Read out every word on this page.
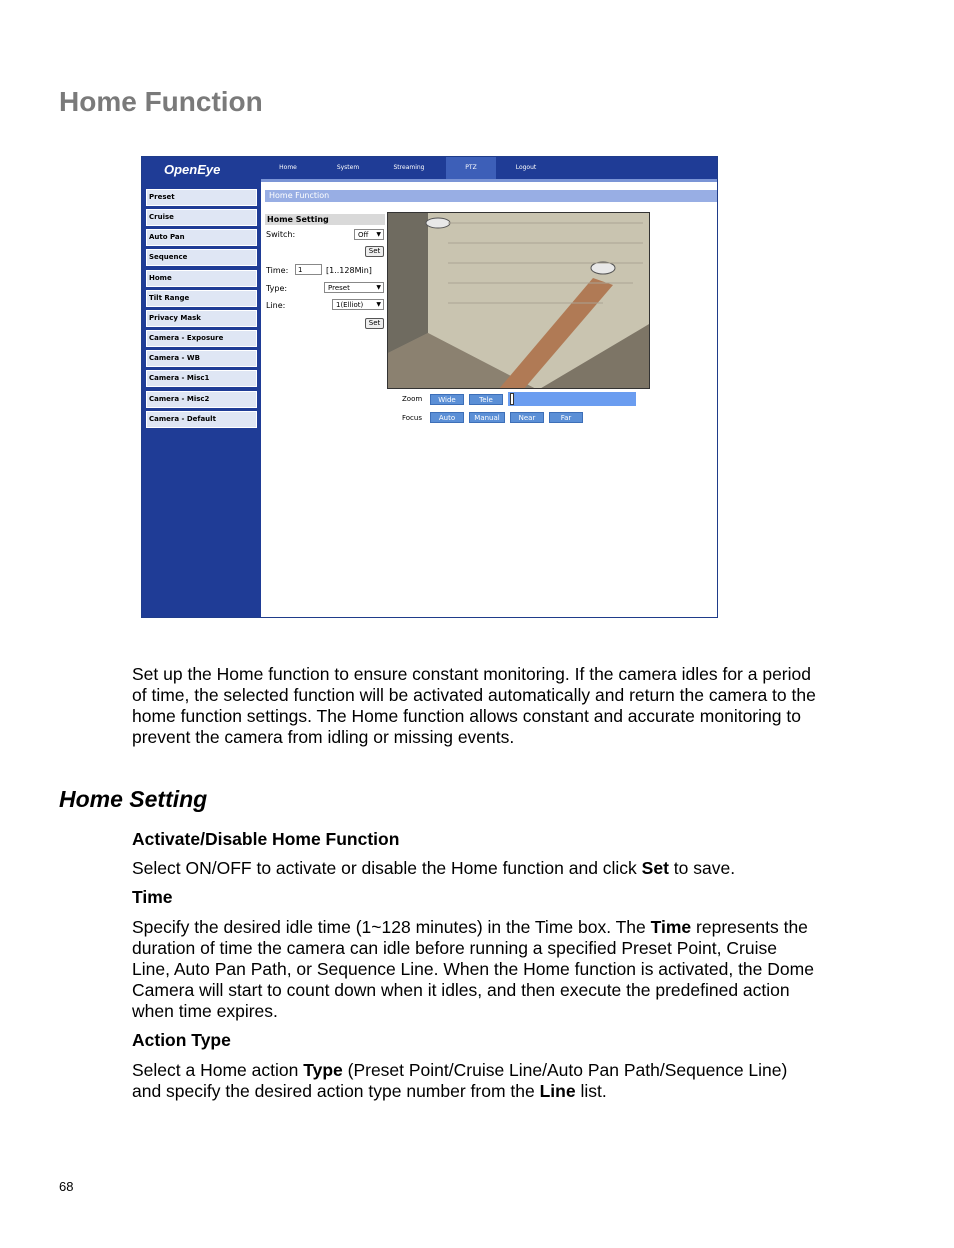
Home Function
OpenEye	Home	System	Streaming	PTZ	Logout
Preset
Cruise
Auto Pan
Sequence
Home
Tilt Range
Privacy Mask
Camera - Exposure
Camera - WB
Camera - Misc1
Camera - Misc2
Camera - Default
Home Function
Home Setting
Switch:	Off ▼
Set
Time:	1	[1..128Min]
Type:	Preset	▼
Line:	1(Elliot) ▼
Set
Zoom	Wide	Tele
Focus	Auto	Manual	Near	Far

Set up the Home function to ensure constant monitoring. If the camera idles for a period
of time, the selected function will be activated automatically and return the camera to the
home function settings. The Home function allows constant and accurate monitoring to
prevent the camera from idling or missing events.

Home Setting
Activate/Disable Home Function

Select ON/OFF to activate or disable the Home function and click Set to save.

Time

Specify the desired idle time (1~128 minutes) in the Time box. The Time represents the
duration of time the camera can idle before running a specified Preset Point, Cruise
Line, Auto Pan Path, or Sequence Line. When the Home function is activated, the Dome
Camera will start to count down when it idles, and then execute the predefined action
when time expires.

Action Type

Select a Home action Type (Preset Point/Cruise Line/Auto Pan Path/Sequence Line)
and specify the desired action type number from the Line list.

68
